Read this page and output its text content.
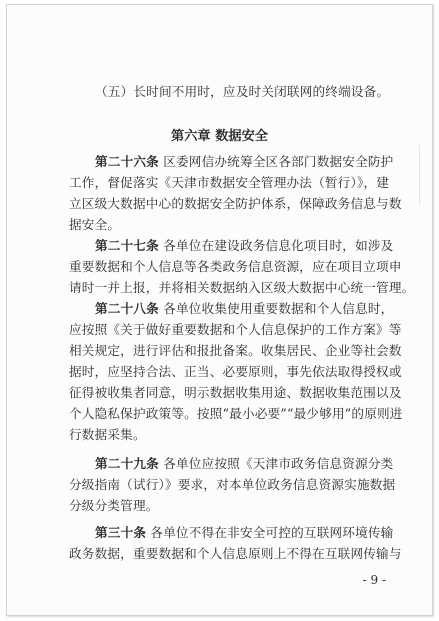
（五）长时间不用时，应及时关闭联网的终端设备。
第六章 数据安全
第二十六条 区委网信办统筹全区各部门数据安全防护
工作，督促落实《天津市数据安全管理办法（暂行）》，建
立区级大数据中心的数据安全防护体系，保障政务信息与数
据安全。
第二十七条 各单位在建设政务信息化项目时，如涉及
重要数据和个人信息等各类政务信息资源，应在项目立项申
请时一并上报，并将相关数据纳入区级大数据中心统一管理。
第二十八条 各单位收集使用重要数据和个人信息时，
应按照《关于做好重要数据和个人信息保护的工作方案》等
相关规定，进行评估和报批备案。收集居民、企业等社会数
据时，应坚持合法、正当、必要原则，事先依法取得授权或
征得被收集者同意，明示数据收集用途、数据收集范围以及
个人隐私保护政策等。按照“最小必要”“最少够用”的原则进
行数据采集。
第二十九条 各单位应按照《天津市政务信息资源分类
分级指南（试行）》要求，对本单位政务信息资源实施数据
分级分类管理。
第三十条 各单位不得在非安全可控的互联网环境传输
政务数据，重要数据和个人信息原则上不得在互联网传输与
- 9 -
